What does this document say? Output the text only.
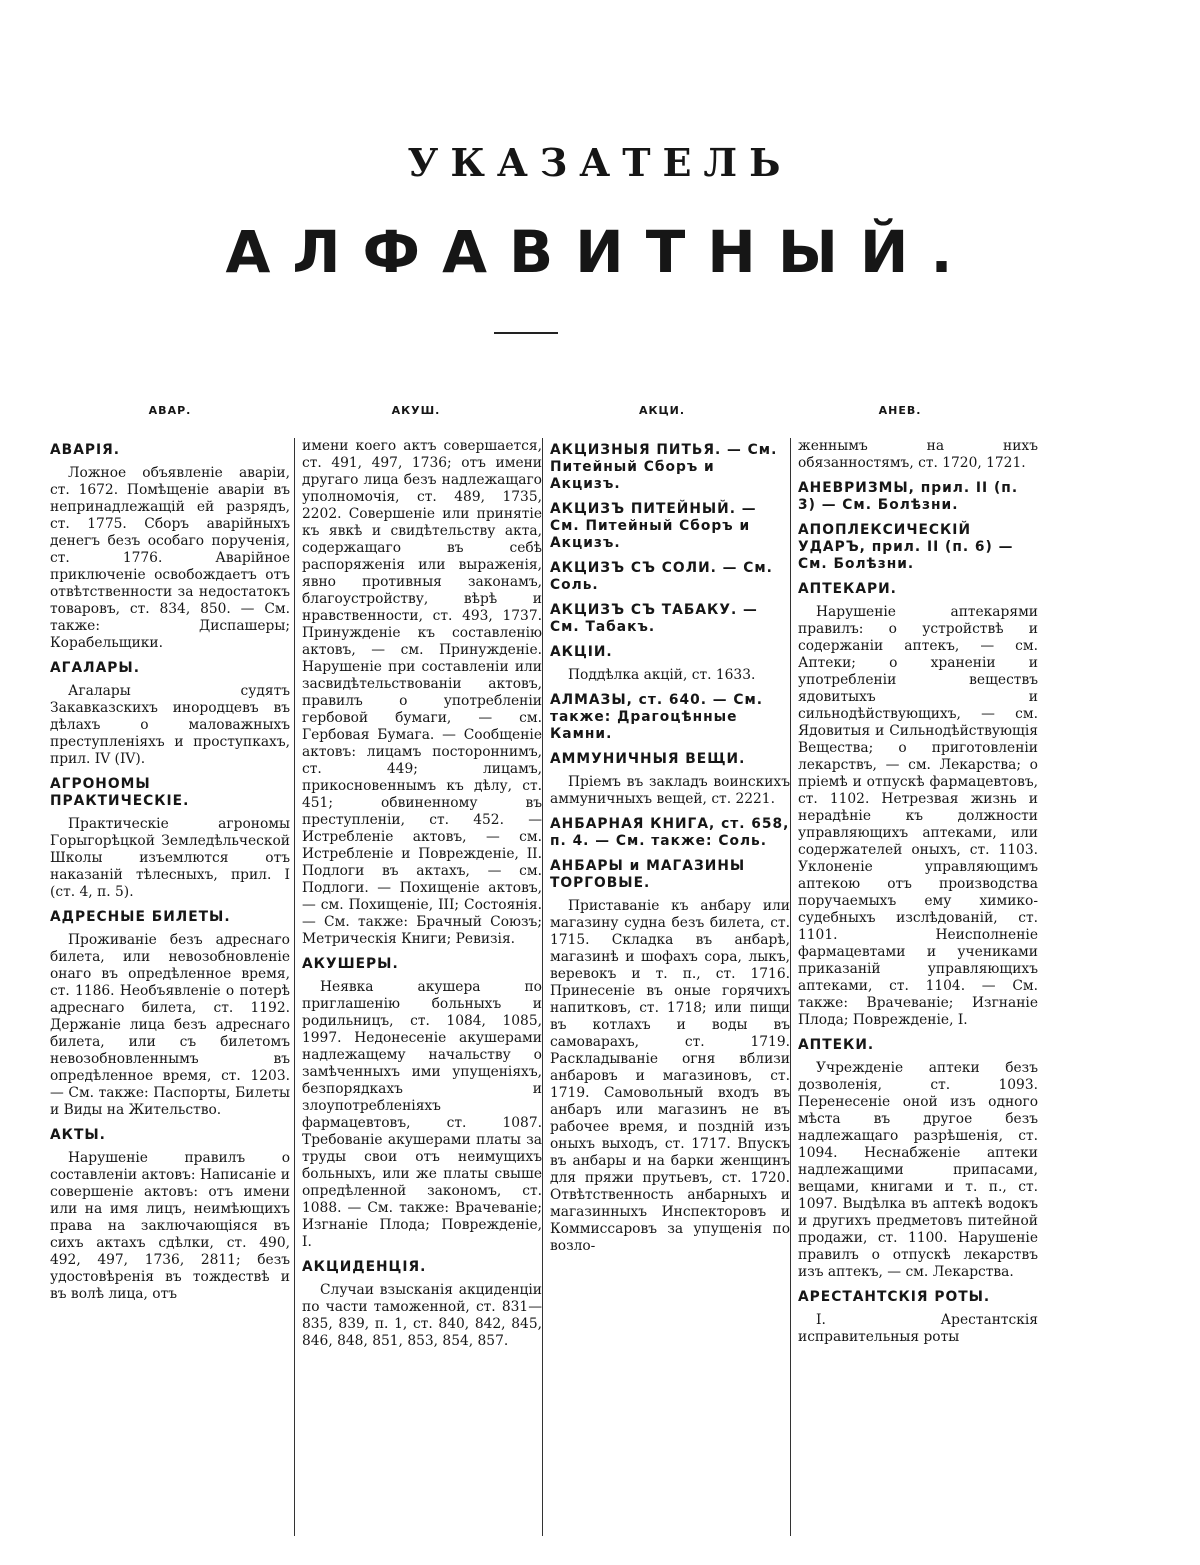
УКАЗАТЕЛЬ
АЛФАВИТНЫЙ.
АВАР.	АКУШ.	АКЦИ.	АНЕВ.
АВАРІЯ.
Ложное объявленіе аваріи, ст. 1672. Помѣщеніе аваріи въ непринадлежащій ей разрядъ, ст. 1775. Сборъ аварійныхъ денегъ безъ особаго порученія, ст. 1776. Аварійное приключеніе освобождаетъ отъ отвѣтственности за недостатокъ товаровъ, ст. 834, 850. — См. также: Диспашеры; Корабельщики.
АГАЛАРЫ.
Агалары судятъ Закавказскихъ инородцевъ въ дѣлахъ о маловажныхъ преступленіяхъ и проступкахъ, прил. IV (IV).
АГРОНОМЫ ПРАКТИЧЕСКІЕ.
Практическіе агрономы Горыгорѣцкой Земледѣльческой Школы изъемлются отъ наказаній тѣлесныхъ, прил. I (ст. 4, п. 5).
АДРЕСНЫЕ БИЛЕТЫ.
Проживаніе безъ адреснаго билета, или невозобновленіе онаго въ опредѣленное время, ст. 1186. Необъявленіе о потерѣ адреснаго билета, ст. 1192. Держаніе лица безъ адреснаго билета, или съ билетомъ невозобновленнымъ въ опредѣленное время, ст. 1203. — См. также: Паспорты, Билеты и Виды на Жительство.
АКТЫ.
Нарушеніе правилъ о составленіи актовъ: Написаніе и совершеніе актовъ: отъ имени или на имя лицъ, неимѣющихъ права на заключающіяся въ сихъ актахъ сдѣлки, ст. 490, 492, 497, 1736, 2811; безъ удостовѣренія въ тождествѣ и въ волѣ лица, отъ
имени коего актъ совершается, ст. 491, 497, 1736; отъ имени другаго лица безъ надлежащаго уполномочія, ст. 489, 1735, 2202. Совершеніе или принятіе къ явкѣ и свидѣтельству акта, содержащаго въ себѣ распоряженія или выраженія, явно противныя законамъ, благоустройству, вѣрѣ и нравственности, ст. 493, 1737. Принужденіе къ составленію актовъ, — см. Принужденіе. Нарушеніе при составленіи или засвидѣтельствованіи актовъ, правилъ о употребленіи гербовой бумаги, — см. Гербовая Бумага. — Сообщеніе актовъ: лицамъ постороннимъ, ст. 449; лицамъ, прикосновеннымъ къ дѣлу, ст. 451; обвиненному въ преступленіи, ст. 452. — Истребленіе актовъ, — см. Истребленіе и Поврежденіе, II. Подлоги въ актахъ, — см. Подлоги. — Похищеніе актовъ, — см. Похищеніе, III; Состоянія. — См. также: Брачный Союзъ; Метрическія Книги; Ревизія.
АКУШЕРЫ.
Неявка акушера по приглашенію больныхъ и родильницъ, ст. 1084, 1085, 1997. Недонесеніе акушерами надлежащему начальству о замѣченныхъ ими упущеніяхъ, безпорядкахъ и злоупотребленіяхъ фармацевтовъ, ст. 1087. Требованіе акушерами платы за труды свои отъ неимущихъ больныхъ, или же платы свыше опредѣленной закономъ, ст. 1088. — См. также: Врачеваніе; Изгнаніе Плода; Поврежденіе, I.
АКЦИДЕНЦІЯ.
Случаи взысканія акциденціи по части таможенной, ст. 831—835, 839, п. 1, ст. 840, 842, 845, 846, 848, 851, 853, 854, 857.
АКЦИЗНЫЯ ПИТЬЯ. — См. Питейный Сборъ и Акцизъ.
АКЦИЗЪ ПИТЕЙНЫЙ. — См. Питейный Сборъ и Акцизъ.
АКЦИЗЪ СЪ СОЛИ. — См. Соль.
АКЦИЗЪ СЪ ТАБАКУ. — См. Табакъ.
АКЦІИ.
Поддѣлка акцій, ст. 1633.
АЛМАЗЫ, ст. 640. — См. также: Драгоцѣнные Камни.
АММУНИЧНЫЯ ВЕЩИ.
Пріемъ въ закладъ воинскихъ аммуничныхъ вещей, ст. 2221.
АНБАРНАЯ КНИГА, ст. 658, п. 4. — См. также: Соль.
АНБАРЫ и МАГАЗИНЫ ТОРГОВЫЕ.
Приставаніе къ анбару или магазину судна безъ билета, ст. 1715. Складка въ анбарѣ, магазинѣ и шофахъ сора, лыкъ, веревокъ и т. п., ст. 1716. Принесеніе въ оные горячихъ напитковъ, ст. 1718; или пищи въ котлахъ и воды въ самоварахъ, ст. 1719. Раскладываніе огня вблизи анбаровъ и магазиновъ, ст. 1719. Самовольный входъ въ анбаръ или магазинъ не въ рабочее время, и поздній изъ оныхъ выходъ, ст. 1717. Впускъ въ анбары и на барки женщинъ для пряжи прутьевъ, ст. 1720. Отвѣтственность анбарныхъ и магазинныхъ Инспекторовъ и Коммиссаровъ за упущенія по возло-
женнымъ на нихъ обязанностямъ, ст. 1720, 1721.
АНЕВРИЗМЫ, прил. II (п. 3) — См. Болѣзни.
АПОПЛЕКСИЧЕСКІЙ УДАРЪ, прил. II (п. 6) — См. Болѣзни.
АПТЕКАРИ.
Нарушеніе аптекарями правилъ: о устройствѣ и содержаніи аптекъ, — см. Аптеки; о храненіи и употребленіи веществъ ядовитыхъ и сильнодѣйствующихъ, — см. Ядовитыя и Сильнодѣйствующія Вещества; о приготовленіи лекарствъ, — см. Лекарства; о пріемѣ и отпускѣ фармацевтовъ, ст. 1102. Нетрезвая жизнь и нерадѣніе къ должности управляющихъ аптеками, или содержателей оныхъ, ст. 1103. Уклоненіе управляющимъ аптекою отъ производства поручаемыхъ ему химико-судебныхъ изслѣдованій, ст. 1101. Неисполненіе фармацевтами и учениками приказаній управляющихъ аптеками, ст. 1104. — См. также: Врачеваніе; Изгнаніе Плода; Поврежденіе, I.
АПТЕКИ.
Учрежденіе аптеки безъ дозволенія, ст. 1093. Перенесеніе оной изъ одного мѣста въ другое безъ надлежащаго разрѣшенія, ст. 1094. Неснабженіе аптеки надлежащими припасами, вещами, книгами и т. п., ст. 1097. Выдѣлка въ аптекѣ водокъ и другихъ предметовъ питейной продажи, ст. 1100. Нарушеніе правилъ о отпускѣ лекарствъ изъ аптекъ, — см. Лекарства.
АРЕСТАНТСКІЯ РОТЫ.
I. Арестантскія исправительныя роты
